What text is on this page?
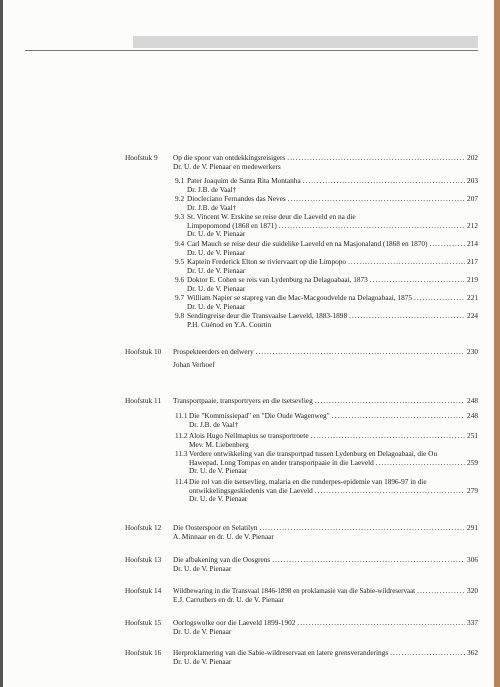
Hoofstuk 9 Op die spoor van ontdekkingsreisigers .....	202
Dr. U. de V. Pienaar en medewerkers
9.1 Pater Joaquim de Santa Rita Montanha .....	203
Dr. J.B. de Vaal†
9.2 Diocleciano Fernandes das Neves .....	207
Dr. J.B. de Vaal†
9.3 St. Vincent W. Erskine se reise deur die Laeveld en na die
Limpopomond (1868 en 1871) .....	212
Dr. U. de V. Pienaar
9.4 Carl Mauch se reise deur die suidelike Laeveld en na Masjonaland (1868 en 1870) .....	214
Dr. U. de V. Pienaar
9.5 Kaptein Frederick Elton se riviervaart op die Limpopo .....	217
Dr. U. de V. Pienaar
9.6 Doktor E. Cohen se reis van Lydenburg na Delagoabaai, 1873 .....	219
Dr. U. de V. Pienaar
9.7 William Napier se stapreg van die Mac-Macgoudvelde na Delagoabaai, 1875 .....	221
Dr. U. de V. Pienaar
9.8 Sendingreise deur die Transvaalse Laeveld, 1883-1898 .....	224
P.H. Cuénod en Y.A. Courtin
Hoofstuk 10 Prospekteerders en delwery .....	230
Johan Verhoef
Hoofstuk 11 Transportpaaie, transportryers en die tsetsevlieg .....	248
11.1 Die "Kommissiepad" en "Die Oude Wagenweg" .....	248
Dr. J.B. de Vaal†
11.2 Alois Hugo Nellmapius se transportroete .....	251
Mev. M. Liebenberg
11.3 Verdere ontwikkeling van die transportpad tussen Lydenburg en Delagoabaai, die Ou
Hawepad, Long Tompas en ander transportpaaie in die Laeveld .....	259
Dr. U. de V. Pienaar
11.4 Die rol van die tsetsevlieg, malaria en die runderpes-epidemie van 1896-97 in die
ontwikkelingsgeskiedenis van die Laeveld .....	279
Dr. U. de V. Pienaar
Hoofstuk 12 Die Oosterspoor en Selatilyn .....	291
A. Minnaar en dr. U. de V. Pienaar
Hoofstuk 13 Die afbakening van die Oosgrens .....	306
Dr. U. de V. Pienaar
Hoofstuk 14 Wildbewaring in die Transvaal 1846-1898 en proklamasie van die Sabie-wildreservaat .....	320
E.J. Carruthers en dr. U. de V. Pienaar
Hoofstuk 15 Oorlogswolke oor die Laeveld 1899-1902 .....	337
Dr. U. de V. Pienaar
Hoofstuk 16 Herproklamering van die Sabie-wildreservaat en latere grensveranderings .....	362
Dr. U. de V. Pienaar
